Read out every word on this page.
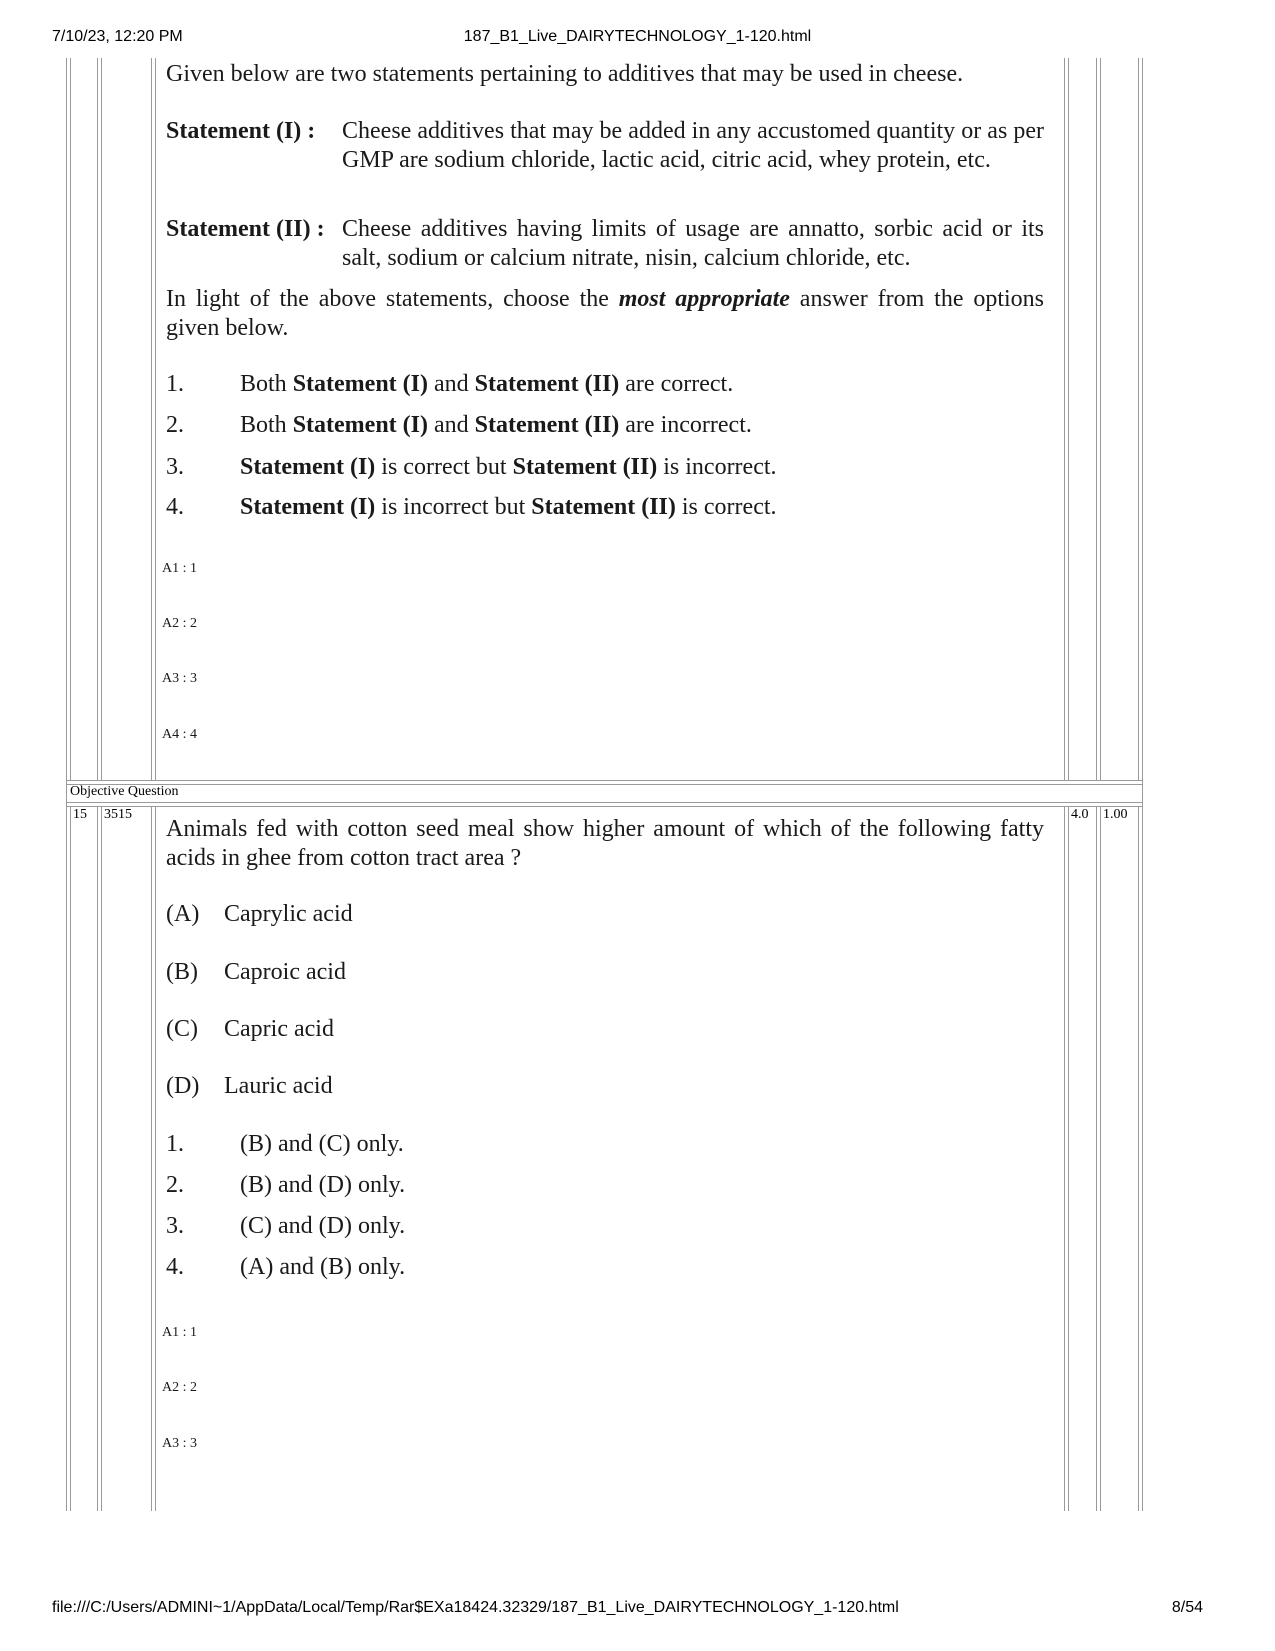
7/10/23, 12:20 PM	187_B1_Live_DAIRYTECHNOLOGY_1-120.html
file:///C:/Users/ADMINI~1/AppData/Local/Temp/Rar$EXa18424.32329/187_B1_Live_DAIRYTECHNOLOGY_1-120.html	8/54
Given below are two statements pertaining to additives that may be used in cheese.
Statement (I) : Cheese additives that may be added in any accustomed quantity or as per GMP are sodium chloride, lactic acid, citric acid, whey protein, etc.
Statement (II) : Cheese additives having limits of usage are annatto, sorbic acid or its salt, sodium or calcium nitrate, nisin, calcium chloride, etc.
In light of the above statements, choose the most appropriate answer from the options given below.
1. Both Statement (I) and Statement (II) are correct.
2. Both Statement (I) and Statement (II) are incorrect.
3. Statement (I) is correct but Statement (II) is incorrect.
4. Statement (I) is incorrect but Statement (II) is correct.
A1 : 1
A2 : 2
A3 : 3
A4 : 4
Objective Question
15 3515	4.0 1.00
Animals fed with cotton seed meal show higher amount of which of the following fatty acids in ghee from cotton tract area ?
(A) Caprylic acid
(B) Caproic acid
(C) Capric acid
(D) Lauric acid
1. (B) and (C) only.
2. (B) and (D) only.
3. (C) and (D) only.
4. (A) and (B) only.
A1 : 1
A2 : 2
A3 : 3
